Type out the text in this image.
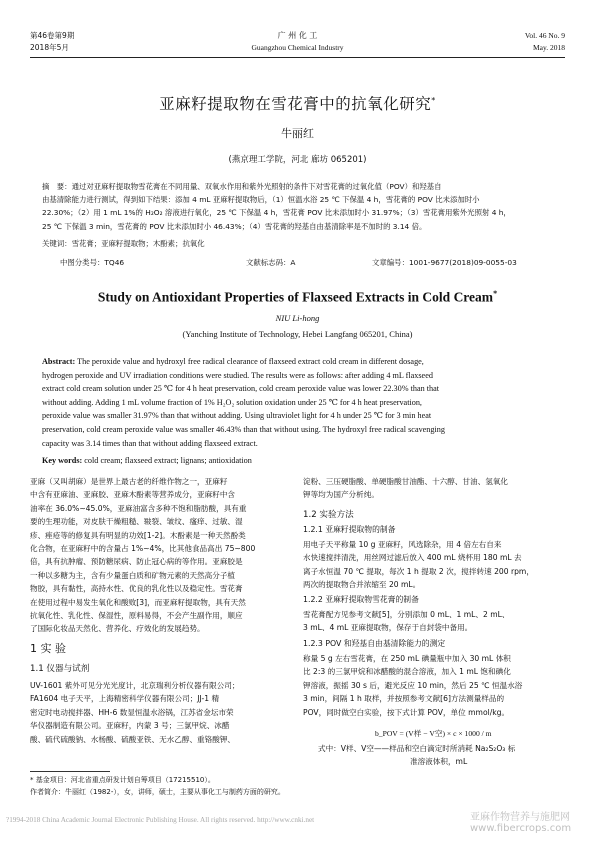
第46卷第9期
2018年5月
广 州 化 工
Guangzhou Chemical Industry
Vol. 46 No. 9
May. 2018
亚麻籽提取物在雪花膏中的抗氧化研究*
牛丽红
(燕京理工学院，河北 廊坊 065201)
摘　要：通过对亚麻籽提取物雪花膏在不同用量、双氧水作用和紫外光照射的条件下对雪花膏的过氧化值（POV）和羟基自
由基清除能力进行测试，得到如下结果：添加 4 mL 亚麻籽提取物后，（1）恒温水浴 25 ℃ 下保温 4 h，雪花膏的 POV 比未添加时小
22.30%；（2）用 1 mL 1%的 H₂O₂ 溶液进行氧化，25 ℃ 下保温 4 h，雪花膏 POV 比未添加时小 31.97%；（3）雪花膏用紫外光照射 4 h，
25 ℃ 下保温 3 min，雪花膏的 POV 比未添加时小 46.43%；（4）雪花膏的羟基自由基清除率是不加时的 3.14 倍。
关键词：雪花膏；亚麻籽提取物；木酚素；抗氧化
中图分类号：TQ46	文献标志码：A	文章编号：1001-9677(2018)09-0055-03
Study on Antioxidant Properties of Flaxseed Extracts in Cold Cream*
NIU Li-hong
(Yanching Institute of Technology, Hebei Langfang 065201, China)
Abstract: The peroxide value and hydroxyl free radical clearance of flaxseed extract cold cream in different dosage,
hydrogen peroxide and UV irradiation conditions were studied. The results were as follows: after adding 4 mL flaxseed
extract cold cream solution under 25 ℃ for 4 h heat preservation, cold cream peroxide value was lower 22.30% than that
without adding. Adding 1 mL volume fraction of 1% H₂O₂ solution oxidation under 25 ℃ for 4 h heat preservation,
peroxide value was smaller 31.97% than that without adding. Using ultraviolet light for 4 h under 25 ℃ for 3 min heat
preservation, cold cream peroxide value was smaller 46.43% than that without using. The hydroxyl free radical scavenging
capacity was 3.14 times than that without adding flaxseed extract.
Key words: cold cream; flaxseed extract; lignans; antioxidation
亚麻（又叫胡麻）是世界上最古老的纤维作物之一，亚麻籽
中含有亚麻油、亚麻胶、亚麻木酚素等营养成分，亚麻籽中含
油率在 36.0%~45.0%，亚麻油富含多种不饱和脂肪酸，具有重
要的生理功能，对皮肤干燥粗糙、皲裂、皱纹、瘙痒、过敏、湿
疹、痤疮等的修复具有明显的功效[1-2]。木酚素是一种天然酚类
化合物，在亚麻籽中的含量占 1%~4%，比其他食品高出 75~800
倍，具有抗肿瘤、预防糖尿病、防止冠心病的等作用。亚麻胶是
一种以多糖为主，含有少量蛋白质和矿物元素的天然高分子植
物胶，具有黏性，高持水性、优良的乳化性以及稳定性。雪花膏
在使用过程中易发生氧化和酸败[3]，而亚麻籽提取物，具有天然
抗氧化性、乳化性、保湿性，原料易得，不会产生副作用，顺应
了国际化妆品天然化、营养化、疗效化的发展趋势。
1 实 验
1.1 仪器与试剂
UV-1601 紫外可见分光光度计，北京瑞利分析仪器有限公司；
FA1604 电子天平，上海精密科学仪器有限公司；JJ-1 精
密定时电动搅拌器、HH-6 数显恒温水浴锅，江苏省金坛市荣
华仪器制造有限公司。亚麻籽，内蒙 3 号；三氯甲烷、冰醋
酸、硫代硫酸钠、水杨酸、硫酸亚铁、无水乙醇、重铬酸钾、
淀粉、三压硬脂酸、单硬脂酸甘油酯、十六醇、甘油、氢氧化
钾等均为国产分析纯。
1.2 实验方法
1.2.1 亚麻籽提取物的制备
用电子天平称量 10 g 亚麻籽，风选除杂，用 4 倍左右自来
水快速搅拌清洗，用丝网过滤后放入 400 mL 烧杯用 180 mL 去
离子水恒温 70 ℃ 提取，每次 1 h 提取 2 次，搅拌转速 200 rpm，
两次的提取物合并浓缩至 20 mL。
1.2.2 亚麻籽提取物雪花膏的制备
雪花膏配方见参考文献[5]，分别添加 0 mL、1 mL、2 mL、
3 mL、4 mL 亚麻提取物，保存于自封袋中备用。
1.2.3 POV 和羟基自由基清除能力的测定
称量 5 g 左右雪花膏，在 250 mL 碘量瓶中加入 30 mL 体积
比 2:3 的三氯甲烷和冰醋酸的混合溶液，加入 1 mL 饱和碘化
钾溶液，振摇 30 s 后，避光反应 10 min，然后 25 ℃ 恒温水浴
3 min，间隔 1 h 取样，并按照参考文献[6]方法测量样品的
POV，同时做空白实验，按下式计算 POV，单位 mmol/kg。
b_POV = (V样 − V空) × c × 1000 / m
式中：V样、V空——样品和空白滴定时所消耗 Na₂S₂O₃ 标
准溶液体积，mL
* 基金项目：河北省重点研发计划自筹项目（17215510）。
作者简介：牛丽红（1982-），女，讲师，硕士，主要从事化工与制药方面的研究。
?1994-2018 China Academic Journal Electronic Publishing House. All rights reserved. http://www.cnki.net	亚麻作物营养与施肥网 www.fibercrops.com
